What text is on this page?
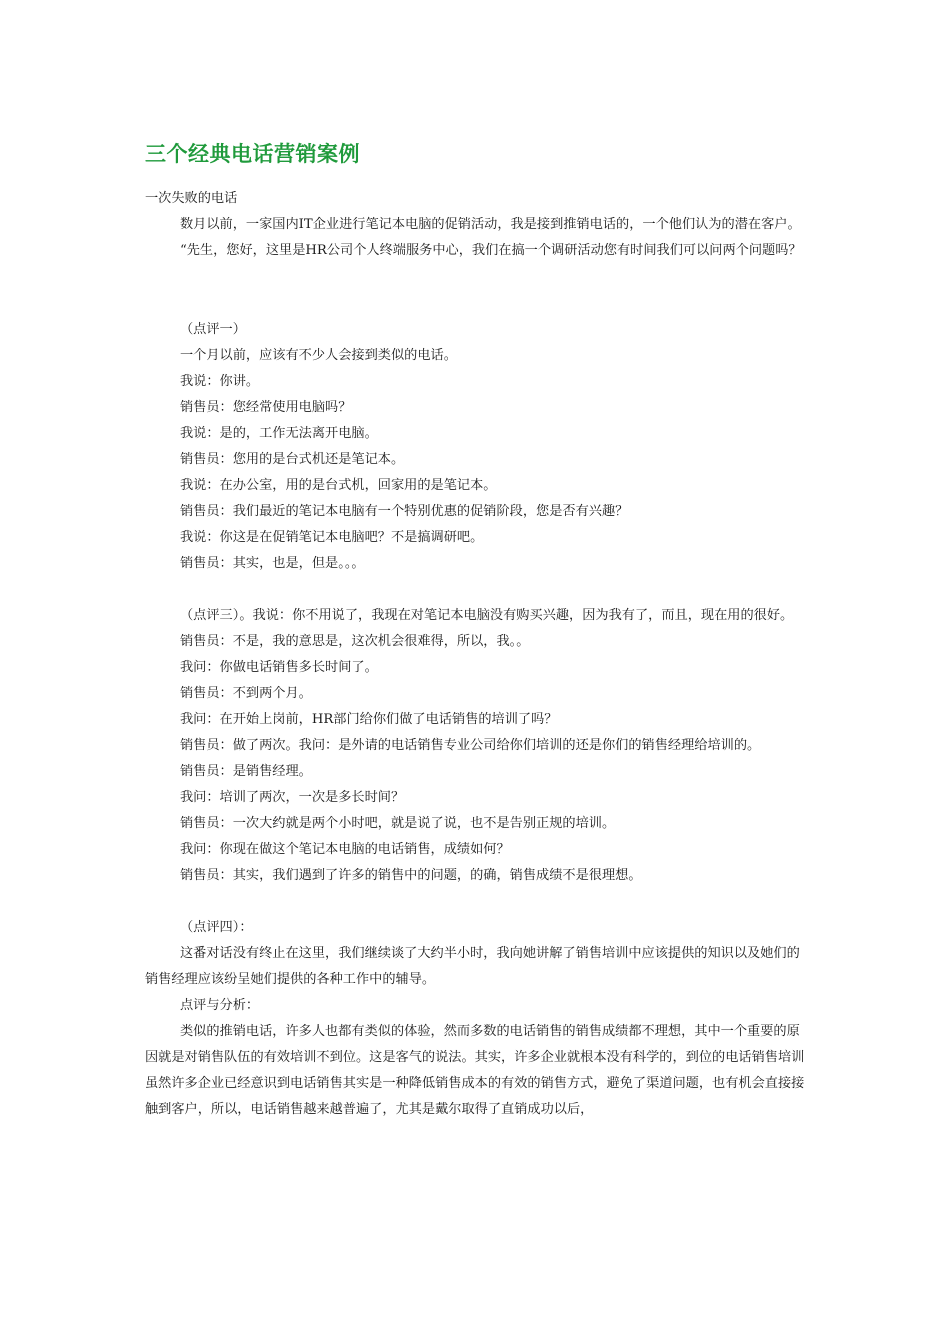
三个经典电话营销案例

一次失败的电话

数月以前，一家国内IT企业进行笔记本电脑的促销活动，我是接到推销电话的，一个他们认为的潜在客户。

“先生，您好，这里是HR公司个人终端服务中心，我们在搞一个调研活动您有时间我们可以问两个问题吗？

（点评一）

一个月以前，应该有不少人会接到类似的电话。

我说：你讲。

销售员：您经常使用电脑吗？

我说：是的，工作无法离开电脑。

销售员：您用的是台式机还是笔记本。

我说：在办公室，用的是台式机，回家用的是笔记本。

销售员：我们最近的笔记本电脑有一个特别优惠的促销阶段，您是否有兴趣？

我说：你这是在促销笔记本电脑吧？不是搞调研吧。

销售员：其实，也是，但是。。。

（点评三）。我说：你不用说了，我现在对笔记本电脑没有购买兴趣，因为我有了，而且，现在用的很好。

销售员：不是，我的意思是，这次机会很难得，所以，我。。

我问：你做电话销售多长时间了。

销售员：不到两个月。

我问：在开始上岗前，HR部门给你们做了电话销售的培训了吗？

销售员：做了两次。我问：是外请的电话销售专业公司给你们培训的还是你们的销售经理给培训的。

销售员：是销售经理。

我问：培训了两次，一次是多长时间？

销售员：一次大约就是两个小时吧，就是说了说，也不是告别正规的培训。

我问：你现在做这个笔记本电脑的电话销售，成绩如何？

销售员：其实，我们遇到了许多的销售中的问题，的确，销售成绩不是很理想。

（点评四）：

这番对话没有终止在这里，我们继续谈了大约半小时，我向她讲解了销售培训中应该提供的知识以及她们的销售经理应该纷呈她们提供的各种工作中的辅导。

点评与分析：

类似的推销电话，许多人也都有类似的体验，然而多数的电话销售的销售成绩都不理想，其中一个重要的原因就是对销售队伍的有效培训不到位。这是客气的说法。其实，许多企业就根本没有科学的，到位的电话销售培训虽然许多企业已经意识到电话销售其实是一种降低销售成本的有效的销售方式，避免了渠道问题，也有机会直接接触到客户，所以，电话销售越来越普遍了，尤其是戴尔取得了直销成功以后，
